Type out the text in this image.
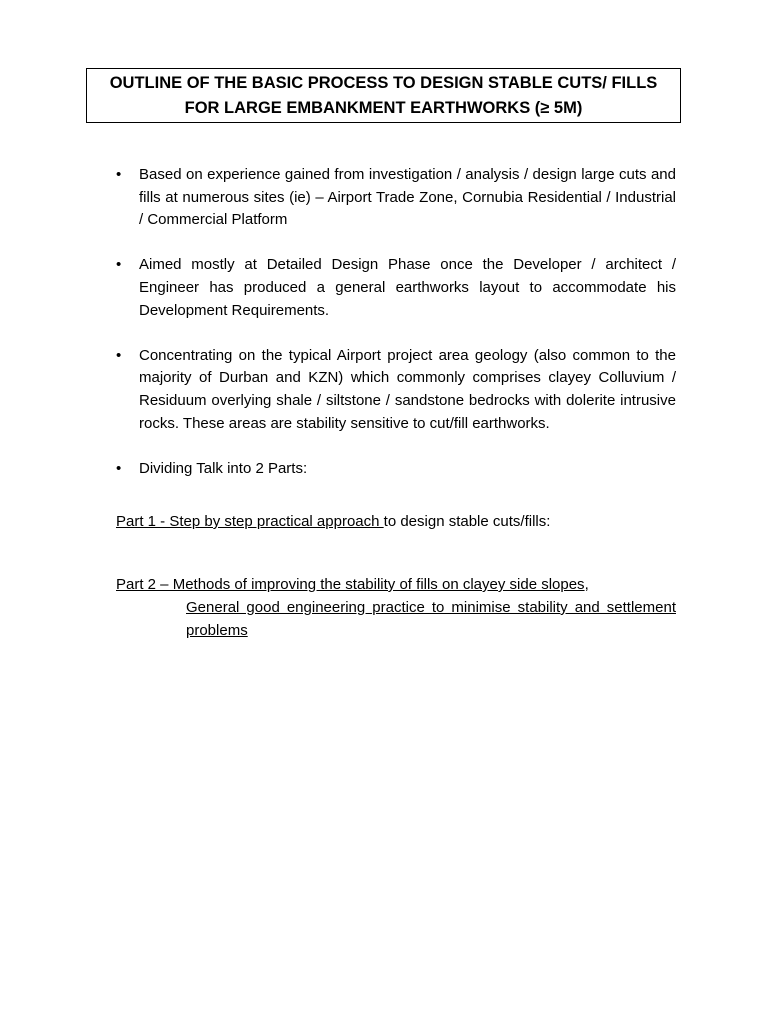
OUTLINE OF THE BASIC PROCESS TO DESIGN STABLE CUTS/ FILLS
FOR LARGE EMBANKMENT EARTHWORKS (≥ 5M)
•	Based on experience gained from investigation / analysis / design large cuts and fills at numerous sites (ie) – Airport Trade Zone, Cornubia Residential / Industrial / Commercial Platform
•	Aimed mostly at Detailed Design Phase once the Developer / architect / Engineer has produced a general earthworks layout to accommodate his Development Requirements.
•	Concentrating on the typical Airport project area geology (also common to the majority of Durban and KZN) which commonly comprises clayey Colluvium / Residuum overlying shale / siltstone / sandstone bedrocks with dolerite intrusive rocks. These areas are stability sensitive to cut/fill earthworks.
•	Dividing Talk into 2 Parts:
Part 1 - Step by step practical approach to design stable cuts/fills:
Part 2 – Methods of improving the stability of fills on clayey side slopes,
General good engineering practice to minimise stability and settlement problems
